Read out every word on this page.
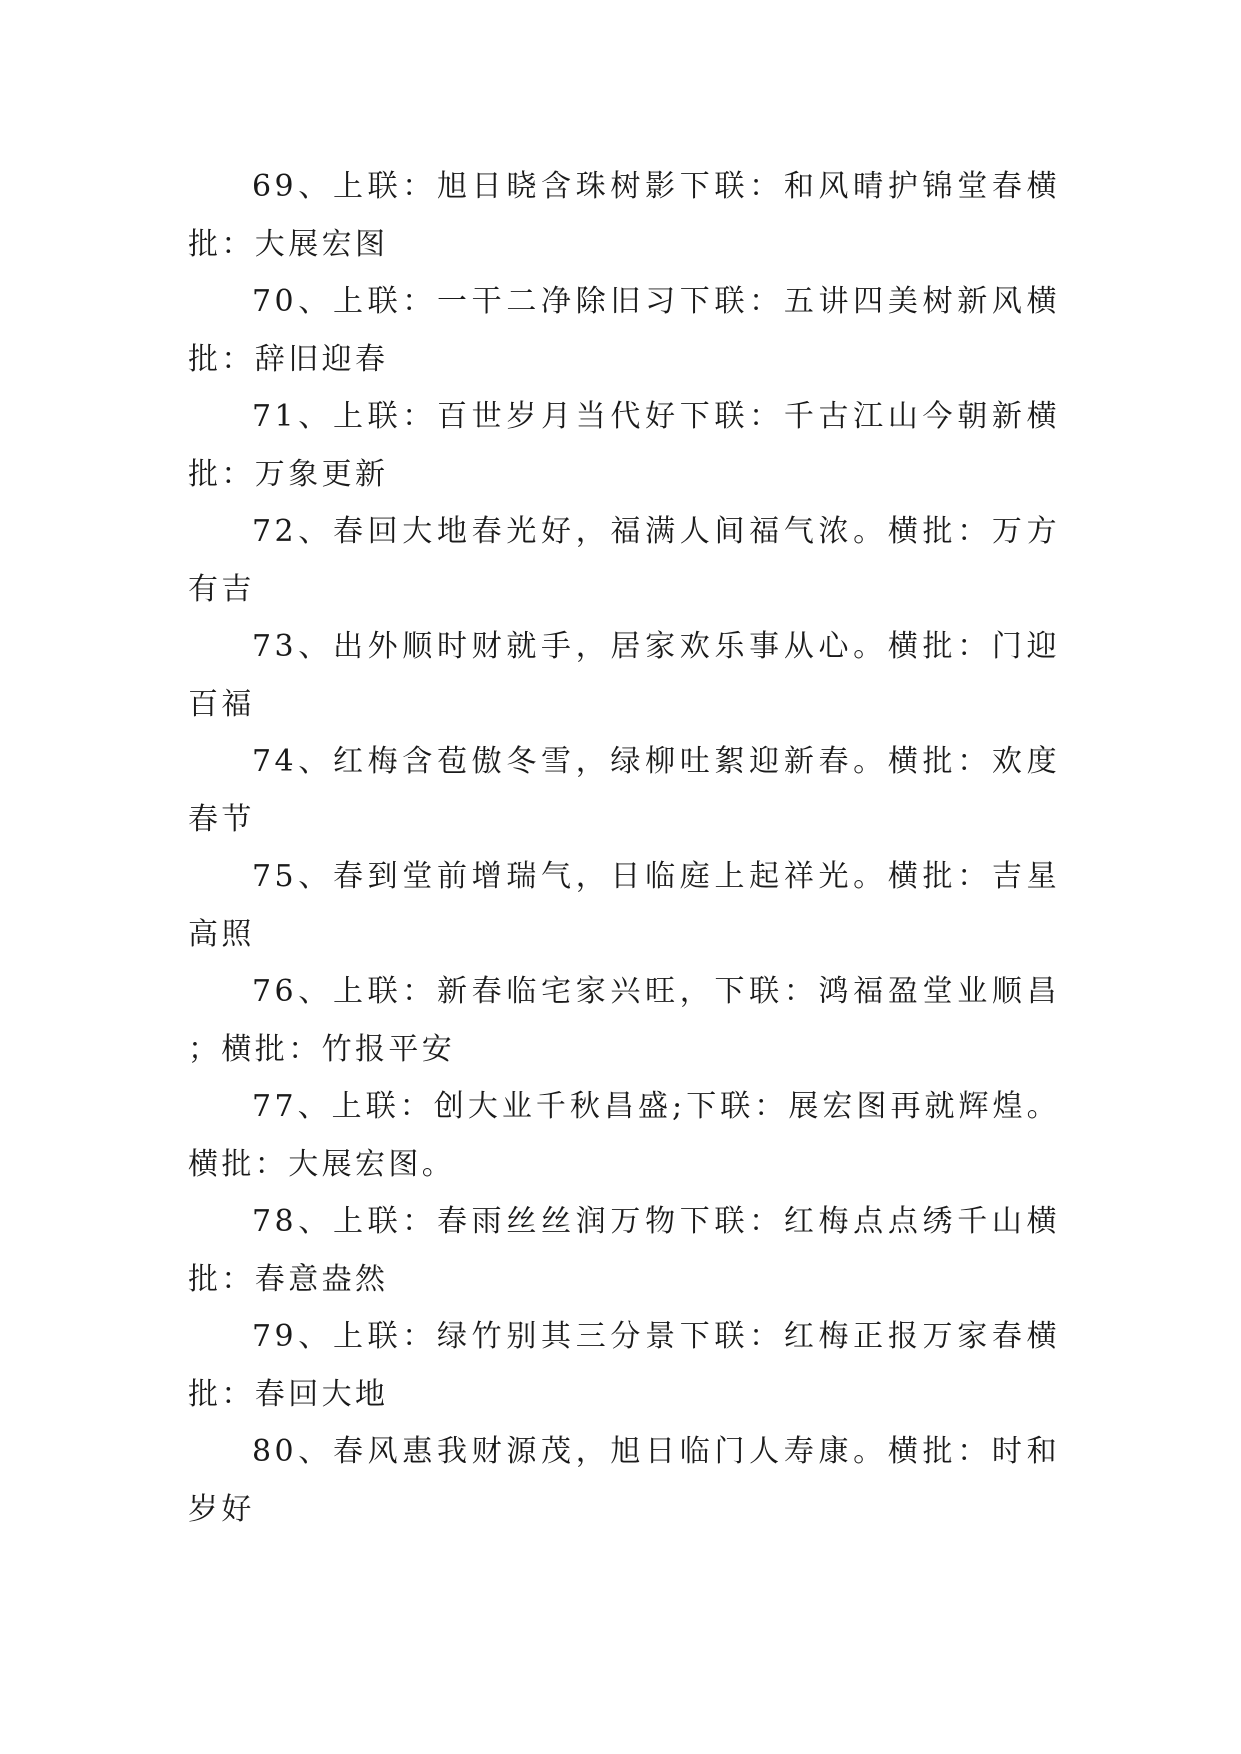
69、上联：旭日晓含珠树影下联：和风晴护锦堂春横批：大展宏图

70、上联：一干二净除旧习下联：五讲四美树新风横批：辞旧迎春

71、上联：百世岁月当代好下联：千古江山今朝新横批：万象更新

72、春回大地春光好，福满人间福气浓。横批：万方有吉

73、出外顺时财就手，居家欢乐事从心。横批：门迎百福

74、红梅含苞傲冬雪，绿柳吐絮迎新春。横批：欢度春节

75、春到堂前增瑞气，日临庭上起祥光。横批：吉星高照

76、上联：新春临宅家兴旺，下联：鸿福盈堂业顺昌；横批：竹报平安

77、上联：创大业千秋昌盛;下联：展宏图再就辉煌。横批：大展宏图。

78、上联：春雨丝丝润万物下联：红梅点点绣千山横批：春意盎然

79、上联：绿竹别其三分景下联：红梅正报万家春横批：春回大地

80、春风惠我财源茂，旭日临门人寿康。横批：时和岁好
